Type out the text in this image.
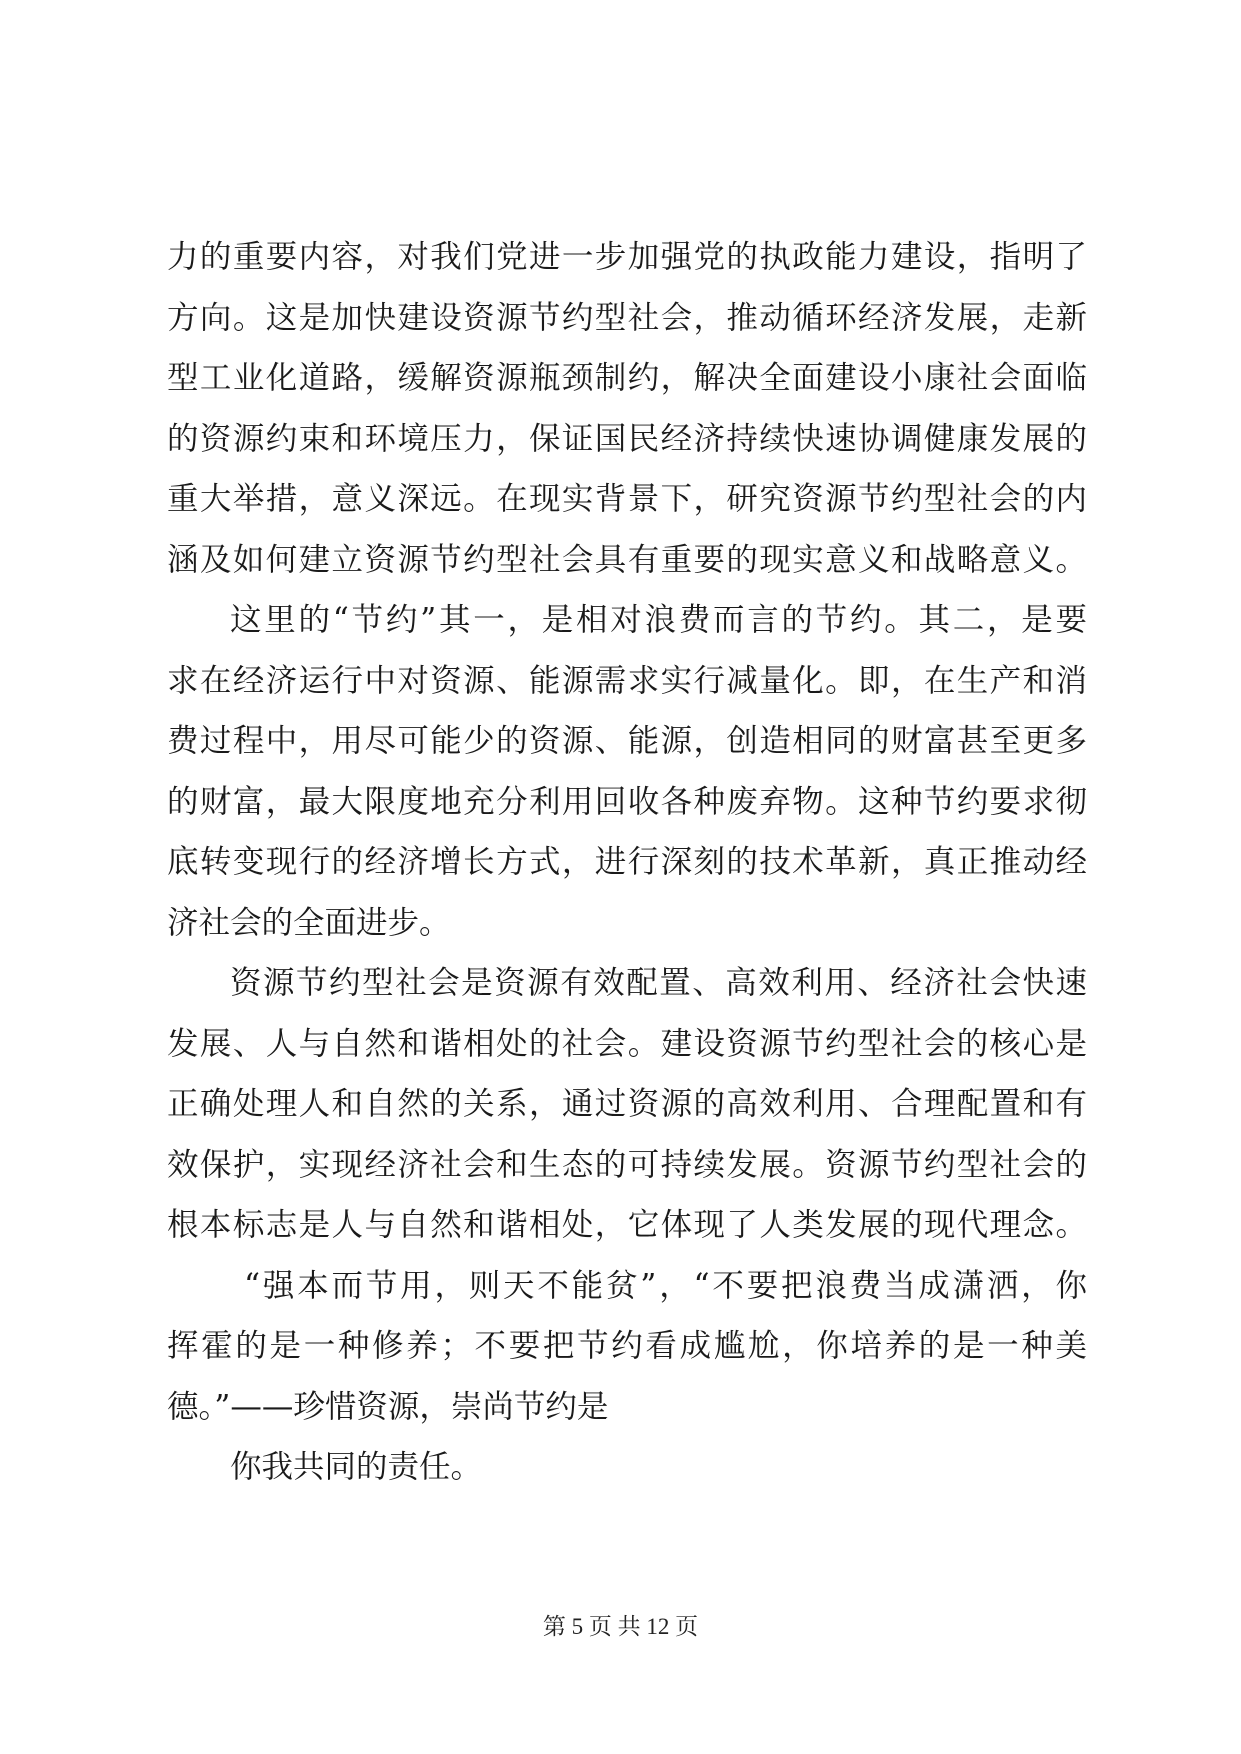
力的重要内容，对我们党进一步加强党的执政能力建设，指明了
方向。这是加快建设资源节约型社会，推动循环经济发展，走新
型工业化道路，缓解资源瓶颈制约，解决全面建设小康社会面临
的资源约束和环境压力，保证国民经济持续快速协调健康发展的
重大举措，意义深远。在现实背景下，研究资源节约型社会的内
涵及如何建立资源节约型社会具有重要的现实意义和战略意义。
这里的“节约”其一，是相对浪费而言的节约。其二，是要
求在经济运行中对资源、能源需求实行减量化。即，在生产和消
费过程中，用尽可能少的资源、能源，创造相同的财富甚至更多
的财富，最大限度地充分利用回收各种废弃物。这种节约要求彻
底转变现行的经济增长方式，进行深刻的技术革新，真正推动经
济社会的全面进步。
资源节约型社会是资源有效配置、高效利用、经济社会快速
发展、人与自然和谐相处的社会。建设资源节约型社会的核心是
正确处理人和自然的关系，通过资源的高效利用、合理配置和有
效保护，实现经济社会和生态的可持续发展。资源节约型社会的
根本标志是人与自然和谐相处，它体现了人类发展的现代理念。
“强本而节用，则天不能贫”，“不要把浪费当成潇洒，你
挥霍的是一种修养；不要把节约看成尴尬，你培养的是一种美
德。”——珍惜资源，崇尚节约是
你我共同的责任。
第 5 页 共 12 页
